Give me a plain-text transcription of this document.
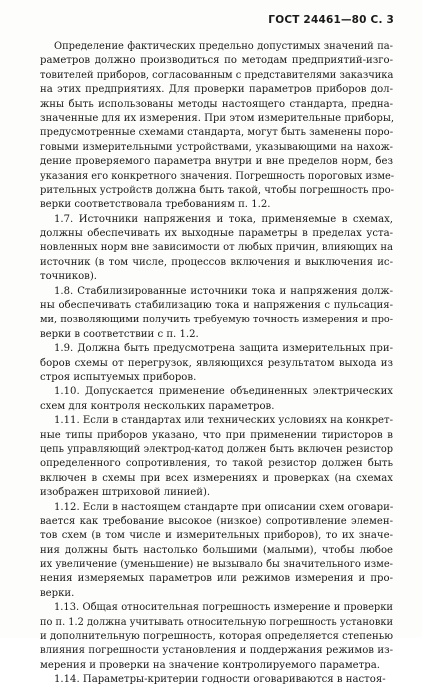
ГОСТ 24461—80 С. 3
Определение фактических предельно допустимых значений па-
раметров должно производиться по методам предприятий-изго-
товителей приборов, согласованным с представителями заказчика
на этих предприятиях. Для проверки параметров приборов дол-
жны быть использованы методы настоящего стандарта, предна-
значенные для их измерения. При этом измерительные приборы,
предусмотренные схемами стандарта, могут быть заменены поро-
говыми измерительными устройствами, указывающими на нахож-
дение проверяемого параметра внутри и вне пределов норм, без
указания его конкретного значения. Погрешность пороговых изме-
рительных устройств должна быть такой, чтобы погрешность про-
верки соответствовала требованиям п. 1.2.
1.7. Источники напряжения и тока, применяемые в схемах,
должны обеспечивать их выходные параметры в пределах уста-
новленных норм вне зависимости от любых причин, влияющих на
источник (в том числе, процессов включения и выключения ис-
точников).
1.8. Стабилизированные источники тока и напряжения долж-
ны обеспечивать стабилизацию тока и напряжения с пульсация-
ми, позволяющими получить требуемую точность измерения и про-
верки в соответствии с п. 1.2.
1.9. Должна быть предусмотрена защита измерительных при-
боров схемы от перегрузок, являющихся результатом выхода из
строя испытуемых приборов.
1.10. Допускается применение объединенных электрических
схем для контроля нескольких параметров.
1.11. Если в стандартах или технических условиях на конкрет-
ные типы приборов указано, что при применении тиристоров в
цепь управляющий электрод-катод должен быть включен резистор
определенного сопротивления, то такой резистор должен быть
включен в схемы при всех измерениях и проверках (на схемах
изображен штриховой линией).
1.12. Если в настоящем стандарте при описании схем оговари-
вается как требование высокое (низкое) сопротивление элемен-
тов схем (в том числе и измерительных приборов), то их значе-
ния должны быть настолько большими (малыми), чтобы любое
их увеличение (уменьшение) не вызывало бы значительного изме-
нения измеряемых параметров или режимов измерения и про-
верки.
1.13. Общая относительная погрешность измерение и проверки
по п. 1.2 должна учитывать относительную погрешность установки
и дополнительную погрешность, которая определяется степенью
влияния погрешности установления и поддержания режимов из-
мерения и проверки на значение контролируемого параметра.
1.14. Параметры-критерии годности оговариваются в настоя-
